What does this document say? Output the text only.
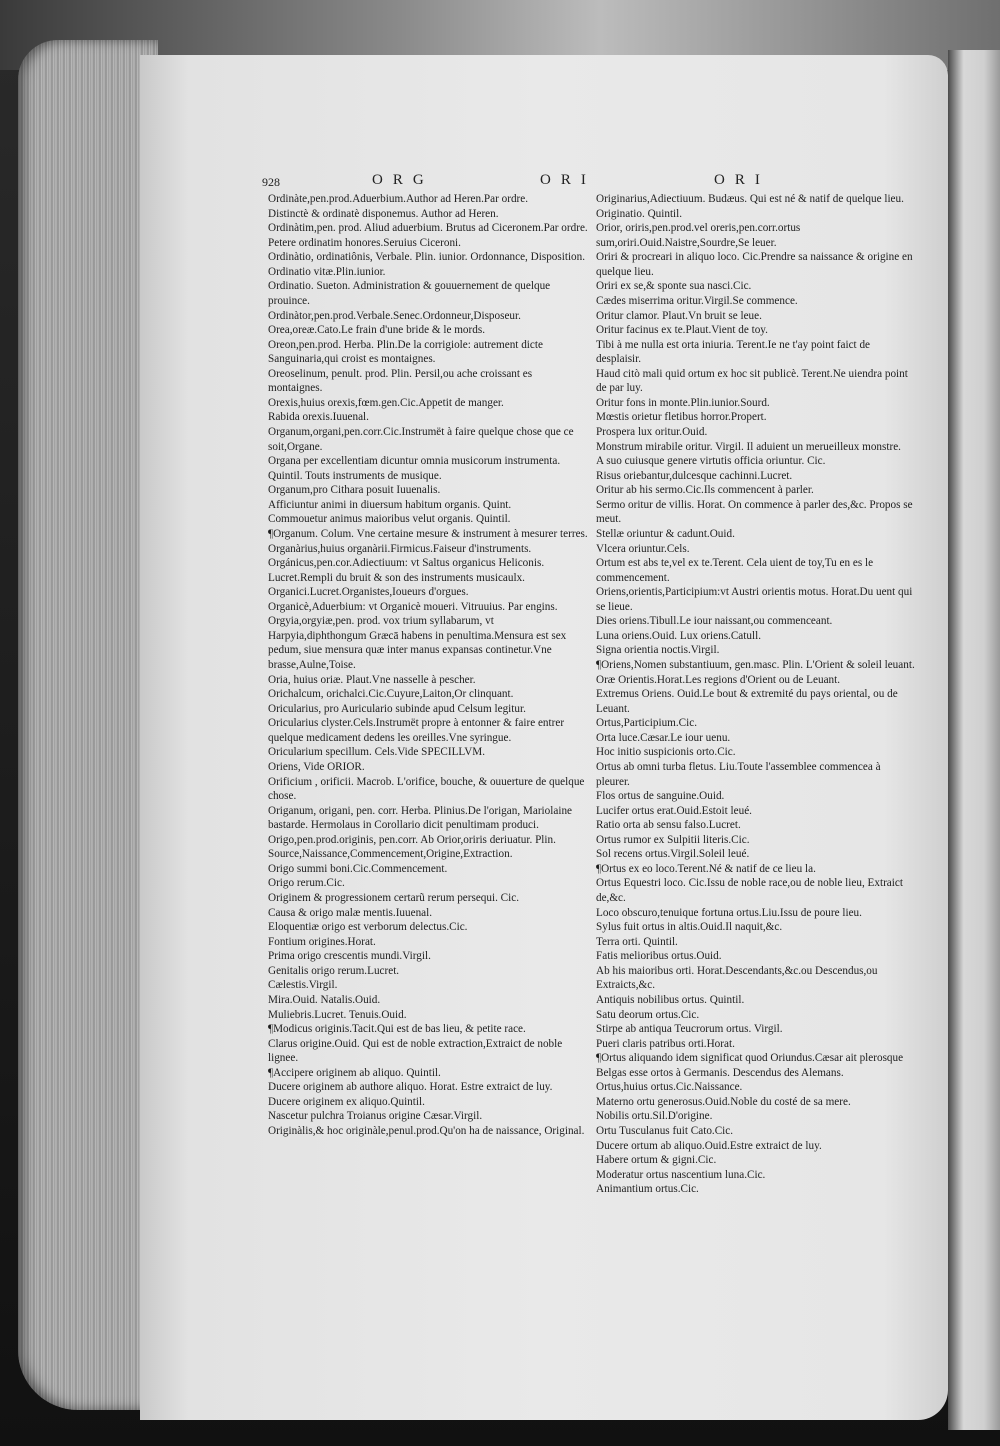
928	ORG	ORI	ORI
Ordinàte,pen.prod.Aduerbium.Author ad Heren.Par ordre.
Distinctè & ordinatè disponemus. Author ad Heren.
Ordinàtim,pen. prod. Aliud aduerbium. Brutus ad Ciceronem.Par ordre.
Petere ordinatim honores.Seruius Ciceroni.
Ordinàtio, ordinatiônis, Verbale. Plin. iunior. Ordonnance, Disposition.
Ordinatio vitæ.Plin.iunior.
Ordinatio. Sueton. Administration & gouuernement de quelque prouince.
Ordinàtor,pen.prod.Verbale.Senec.Ordonneur,Disposeur.
Orea,oreæ.Cato.Le frain d'une bride & le mords.
Oreon,pen.prod. Herba. Plin.De la corrigiole: autrement dicte Sanguinaria,qui croist es montaignes.
Oreoselinum, penult. prod. Plin. Persil,ou ache croissant es montaignes.
Orexis,huius orexis,fœm.gen.Cic.Appetit de manger.
Rabida orexis.Iuuenal.
Organum,organi,pen.corr.Cic.Instrumët à faire quelque chose que ce soit,Organe.
Organa per excellentiam dicuntur omnia musicorum instrumenta. Quintil. Touts instruments de musique.
Organum,pro Cithara posuit Iuuenalis.
Afficiuntur animi in diuersum habitum organis. Quint.
Commouetur animus maioribus velut organis. Quintil.
¶Organum. Colum. Vne certaine mesure & instrument à mesurer terres.
Organàrius,huius organàrii.Firmicus.Faiseur d'instruments.
Orgánicus,pen.cor.Adiectiuum: vt Saltus organicus Heliconis. Lucret.Rempli du bruit & son des instruments musicaulx.
Organici.Lucret.Organistes,Ioueurs d'orgues.
Organicè,Aduerbium: vt Organicè moueri. Vitruuius. Par engins.
Orgyia,orgyiæ,pen. prod. vox trium syllabarum, vt Harpyia,diphthongum Græcā habens in penultima.Mensura est sex pedum, siue mensura quæ inter manus expansas continetur.Vne brasse,Aulne,Toise.
Oria, huius oriæ. Plaut.Vne nasselle à pescher.
Orichalcum, orichalci.Cic.Cuyure,Laiton,Or clinquant.
Oricularius, pro Auriculario subinde apud Celsum legitur.
Oricularius clyster.Cels.Instrumët propre à entonner & faire entrer quelque medicament dedens les oreilles.Vne syringue.
Oricularium specillum. Cels.Vide SPECILLVM.
Oriens, Vide ORIOR.
Orificium , orificii. Macrob. L'orifice, bouche, & ouuerture de quelque chose.
Origanum, origani, pen. corr. Herba. Plinius.De l'origan, Mariolaine bastarde. Hermolaus in Corollario dicit penultimam produci.
Origo,pen.prod.originis, pen.corr. Ab Orior,oriris deriuatur. Plin. Source,Naissance,Commencement,Origine,Extraction.
Origo summi boni.Cic.Commencement.
Origo rerum.Cic.
Originem & progressionem certarũ rerum persequi. Cic.
Causa & origo malæ mentis.Iuuenal.
Eloquentiæ origo est verborum delectus.Cic.
Fontium origines.Horat.
Prima origo crescentis mundi.Virgil.
Genitalis origo rerum.Lucret.
Cælestis.Virgil.
Mira.Ouid. Natalis.Ouid.
Muliebris.Lucret. Tenuis.Ouid.
¶Modicus originis.Tacit.Qui est de bas lieu, & petite race.
Clarus origine.Ouid. Qui est de noble extraction,Extraict de noble lignee.
¶Accipere originem ab aliquo. Quintil.
Ducere originem ab authore aliquo. Horat. Estre extraict de luy.
Ducere originem ex aliquo.Quintil.
Nascetur pulchra Troianus origine Cæsar.Virgil.
Originàlis,& hoc originàle,penul.prod.Qu'on ha de naissance, Original.
Originarius,Adiectiuum. Budæus. Qui est né & natif de quelque lieu.
Originatio. Quintil.
Orior, oriris,pen.prod.vel oreris,pen.corr.ortus sum,oriri.Ouid.Naistre,Sourdre,Se leuer.
Oriri & procreari in aliquo loco. Cic.Prendre sa naissance & origine en quelque lieu.
Oriri ex se,& sponte sua nasci.Cic.
Cædes miserrima oritur.Virgil.Se commence.
Oritur clamor. Plaut.Vn bruit se leue.
Oritur facinus ex te.Plaut.Vient de toy.
Tibi à me nulla est orta iniuria. Terent.Ie ne t'ay point faict de desplaisir.
Haud citò mali quid ortum ex hoc sit publicè. Terent.Ne uiendra point de par luy.
Oritur fons in monte.Plin.iunior.Sourd.
Mœstis orietur fletibus horror.Propert.
Prospera lux oritur.Ouid.
Monstrum mirabile oritur. Virgil. Il aduient un merueilleux monstre.
A suo cuiusque genere virtutis officia oriuntur. Cic.
Risus oriebantur,dulcesque cachinni.Lucret.
Oritur ab his sermo.Cic.Ils commencent à parler.
Sermo oritur de villis. Horat. On commence à parler des,&c. Propos se meut.
Stellæ oriuntur & cadunt.Ouid.
Vlcera oriuntur.Cels.
Ortum est abs te,vel ex te.Terent. Cela uient de toy,Tu en es le commencement.
Oriens,orientis,Participium:vt Austri orientis motus. Horat.Du uent qui se lieue.
Dies oriens.Tibull.Le iour naissant,ou commenceant.
Luna oriens.Ouid. Lux oriens.Catull.
Signa orientia noctis.Virgil.
¶Oriens,Nomen substantiuum, gen.masc. Plin. L'Orient & soleil leuant.
Oræ Orientis.Horat.Les regions d'Orient ou de Leuant.
Extremus Oriens. Ouid.Le bout & extremité du pays oriental, ou de Leuant.
Ortus,Participium.Cic.
Orta luce.Cæsar.Le iour uenu.
Hoc initio suspicionis orto.Cic.
Ortus ab omni turba fletus. Liu.Toute l'assemblee commencea à pleurer.
Flos ortus de sanguine.Ouid.
Lucifer ortus erat.Ouid.Estoit leué.
Ratio orta ab sensu falso.Lucret.
Ortus rumor ex Sulpitii literis.Cic.
Sol recens ortus.Virgil.Soleil leué.
¶Ortus ex eo loco.Terent.Né & natif de ce lieu la.
Ortus Equestri loco. Cic.Issu de noble race,ou de noble lieu, Extraict de,&c.
Loco obscuro,tenuique fortuna ortus.Liu.Issu de poure lieu.
Sylus fuit ortus in altis.Ouid.Il naquit,&c.
Terra orti. Quintil.
Fatis melioribus ortus.Ouid.
Ab his maioribus orti. Horat.Descendants,&c.ou Descendus,ou Extraicts,&c.
Antiquis nobilibus ortus. Quintil.
Satu deorum ortus.Cic.
Stirpe ab antiqua Teucrorum ortus. Virgil.
Pueri claris patribus orti.Horat.
¶Ortus aliquando idem significat quod Oriundus.Cæsar ait plerosque Belgas esse ortos à Germanis. Descendus des Alemans.
Ortus,huius ortus.Cic.Naissance.
Materno ortu generosus.Ouid.Noble du costé de sa mere.
Nobilis ortu.Sil.D'origine.
Ortu Tusculanus fuit Cato.Cic.
Ducere ortum ab aliquo.Ouid.Estre extraict de luy.
Habere ortum & gigni.Cic.
Moderatur ortus nascentium luna.Cic.
Animantium ortus.Cic.
